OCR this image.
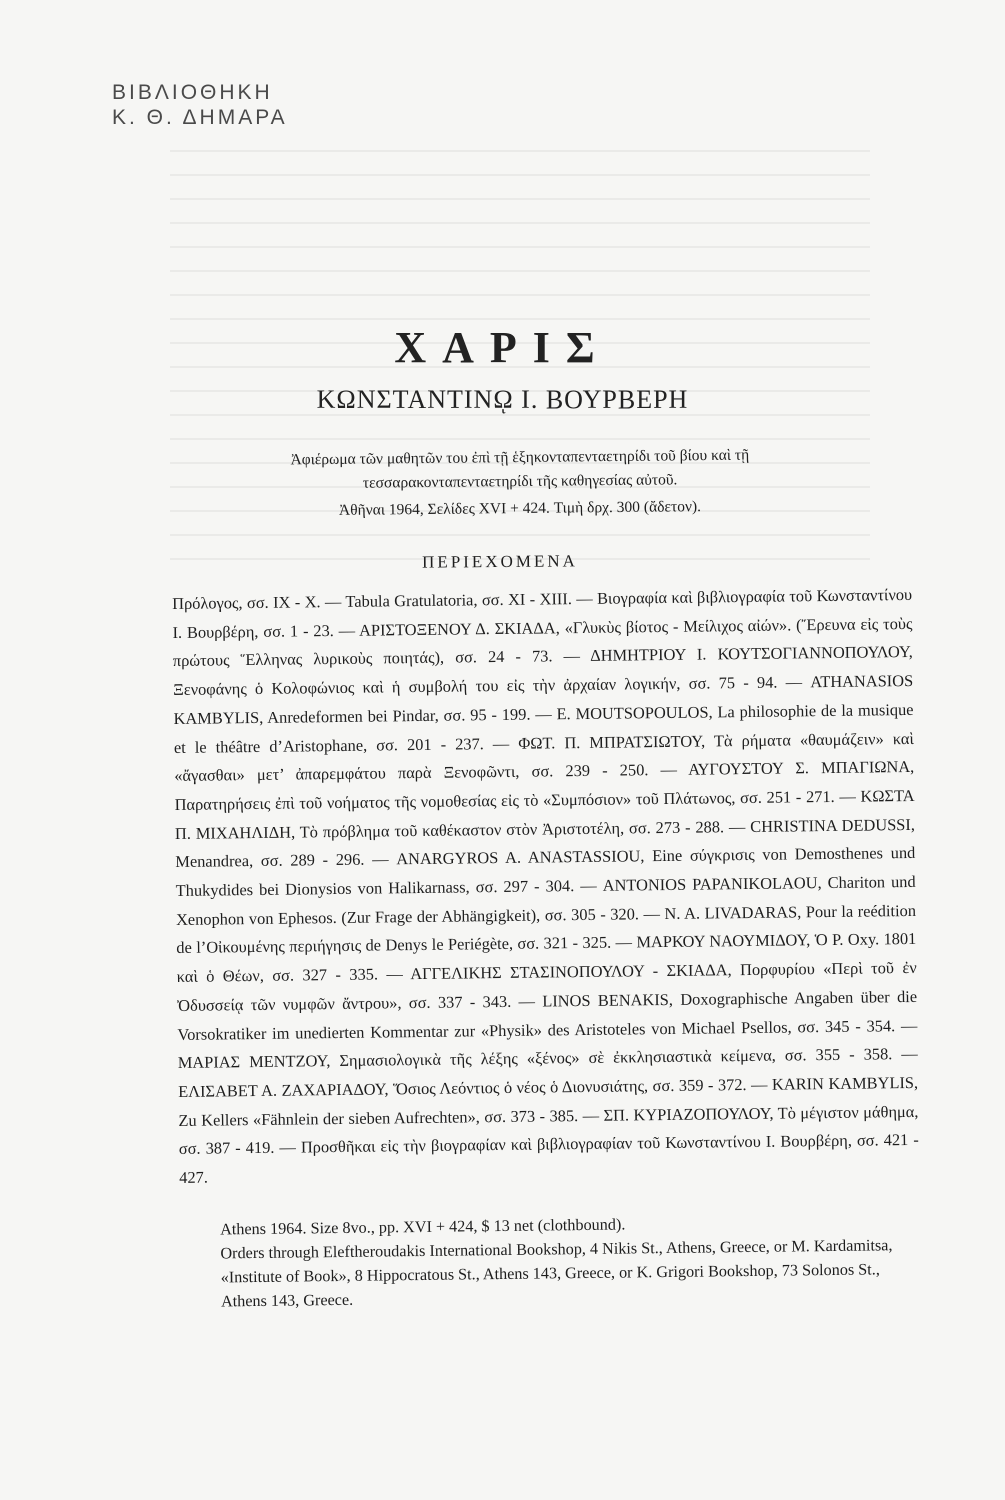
ΒΙΒΛΙΟΘΗΚΗ
Κ. Θ. ΔΗΜΑΡΑ
ΧΑΡΙΣ
ΚΩΝΣΤΑΝΤΙΝῼ Ι. ΒΟΥΡΒΕΡΗ
Ἀφιέρωμα τῶν μαθητῶν του ἐπὶ τῇ ἑξηκονταπενταετηρίδι τοῦ βίου καὶ τῇ τεσσαρακονταπενταετηρίδι τῆς καθηγεσίας αὐτοῦ.
Ἀθῆναι 1964, Σελίδες XVI + 424. Τιμὴ δρχ. 300 (ἄδετον).
ΠΕΡΙΕΧΟΜΕΝΑ
Πρόλογος, σσ. IX - X. — Tabula Gratulatoria, σσ. XI - XIII. — Βιογραφία καὶ βιβλιογραφία τοῦ Κωνσταντίνου Ι. Βουρβέρη, σσ. 1 - 23. — ΑΡΙΣΤΟΞΕΝΟΥ Δ. ΣΚΙΑΔΑ, «Γλυκὺς βίοτος - Μείλιχος αἰών». (Ἔρευνα εἰς τοὺς πρώτους Ἕλληνας λυρικοὺς ποιητάς), σσ. 24 - 73. — ΔΗΜΗΤΡΙΟΥ Ι. ΚΟΥΤΣΟΓΙΑΝΝΟΠΟΥΛΟΥ, Ξενοφάνης ὁ Κολοφώνιος καὶ ἡ συμβολή του εἰς τὴν ἀρχαίαν λογικήν, σσ. 75 - 94. — ATHANASIOS KAMBYLIS, Anredeformen bei Pindar, σσ. 95 - 199. — E. MOUTSOPOULOS, La philosophie de la musique et le théâtre d’Aristophane, σσ. 201 - 237. — ΦΩΤ. Π. ΜΠΡΑΤΣΙΩΤΟΥ, Τὰ ρήματα «θαυμάζειν» καὶ «ἄγασθαι» μετ’ ἀπαρεμφάτου παρὰ Ξενοφῶντι, σσ. 239 - 250. — ΑΥΓΟΥΣΤΟΥ Σ. ΜΠΑΓΙΩΝΑ, Παρατηρήσεις ἐπὶ τοῦ νοήματος τῆς νομοθεσίας εἰς τὸ «Συμπόσιον» τοῦ Πλάτωνος, σσ. 251 - 271. — ΚΩΣΤΑ Π. ΜΙΧΑΗΛΙΔΗ, Τὸ πρόβλημα τοῦ καθέκαστον στὸν Ἀριστοτέλη, σσ. 273 - 288. — CHRISTINA DEDUSSI, Menandrea, σσ. 289 - 296. — ANARGYROS A. ANASTASSIOU, Eine σύγκρισις von Demosthenes und Thukydides bei Dionysios von Halikarnass, σσ. 297 - 304. — ANTONIOS PAPANIKOLAOU, Chariton und Xenophon von Ephesos. (Zur Frage der Abhängigkeit), σσ. 305 - 320. — N. A. LIVADARAS, Pour la reédition de l’Οἰκουμένης περιήγησις de Denys le Periégète, σσ. 321 - 325. — ΜΑΡΚΟΥ ΝΑΟΥΜΙΔΟΥ, Ὁ P. Oxy. 1801 καὶ ὁ Θέων, σσ. 327 - 335. — ΑΓΓΕΛΙΚΗΣ ΣΤΑΣΙΝΟΠΟΥΛΟΥ - ΣΚΙΑΔΑ, Πορφυρίου «Περὶ τοῦ ἐν Ὀδυσσείᾳ τῶν νυμφῶν ἄντρου», σσ. 337 - 343. — LINOS BENAKIS, Doxographische Angaben über die Vorsokratiker im unedierten Kommentar zur «Physik» des Aristoteles von Michael Psellos, σσ. 345 - 354. — ΜΑΡΙΑΣ ΜΕΝΤΖΟΥ, Σημασιολογικὰ τῆς λέξης «ξένος» σὲ ἐκκλησιαστικὰ κείμενα, σσ. 355 - 358. — ΕΛΙΣΑΒΕΤ Α. ΖΑΧΑΡΙΑΔΟΥ, Ὅσιος Λεόντιος ὁ νέος ὁ Διονυσιάτης, σσ. 359 - 372. — KARIN KAMBYLIS, Zu Kellers «Fähnlein der sieben Aufrechten», σσ. 373 - 385. — ΣΠ. ΚΥΡΙΑΖΟΠΟΥΛΟΥ, Τὸ μέγιστον μάθημα, σσ. 387 - 419. — Προσθῆκαι εἰς τὴν βιογραφίαν καὶ βιβλιογραφίαν τοῦ Κωνσταντίνου Ι. Βουρβέρη, σσ. 421 - 427.

Athens 1964. Size 8vo., pp. XVI + 424, $ 13 net (clothbound).

Orders through Eleftheroudakis International Bookshop, 4 Nikis St., Athens, Greece, or M. Kardamitsa, «Institute of Book», 8 Hippocratous St., Athens 143, Greece, or K. Grigori Bookshop, 73 Solonos St., Athens 143, Greece.
